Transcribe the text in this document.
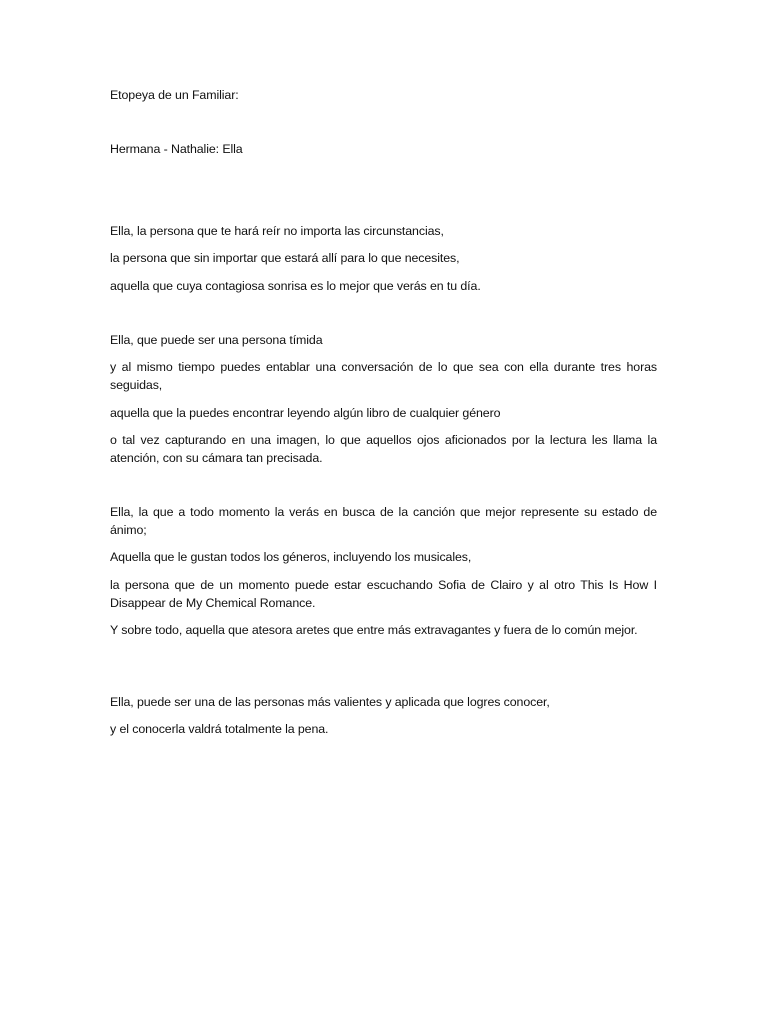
Etopeya de un Familiar:

Hermana - Nathalie: Ella

Ella, la persona que te hará reír no importa las circunstancias,

la persona que sin importar que estará allí para lo que necesites,

aquella que cuya contagiosa sonrisa es lo mejor que verás en tu día.

Ella, que puede ser una persona tímida

y al mismo tiempo puedes entablar una conversación de lo que sea con ella durante tres horas seguidas,

aquella que la puedes encontrar leyendo algún libro de cualquier género

o tal vez capturando en una imagen, lo que aquellos ojos aficionados por la lectura les llama la atención, con su cámara tan precisada.

Ella, la que a todo momento la verás en busca de la canción que mejor represente su estado de ánimo;

Aquella que le gustan todos los géneros, incluyendo los musicales,

la persona que de un momento puede estar escuchando Sofia de Clairo y al otro This Is How I Disappear de My Chemical Romance.

Y sobre todo, aquella que atesora aretes que entre más extravagantes y fuera de lo común mejor.

Ella, puede ser una de las personas más valientes y aplicada que logres conocer,

y el conocerla valdrá totalmente la pena.
